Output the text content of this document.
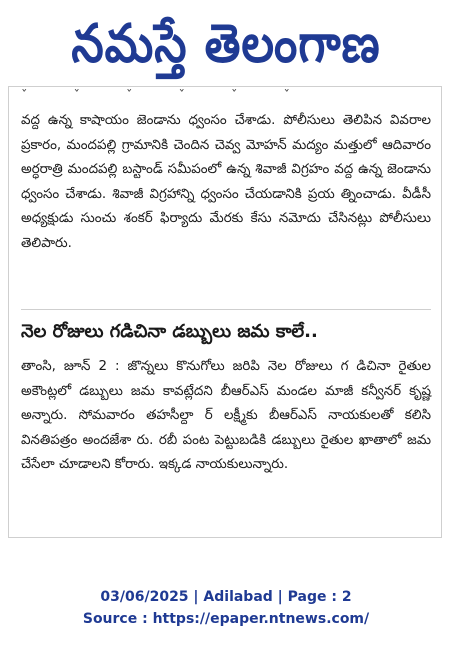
నమస్తే తెలంగాణ
ˇ	ˇ	ˇ	ˇ	ˇ	ˇ

వద్ద ఉన్న కాషాయం జెండాను ధ్వంసం చేశాడు. పోలీసులు తెలిపిన వివరాల ప్రకారం, మందపల్లి గ్రామానికి చెందిన చెవ్వ మోహన్ మద్యం మత్తులో ఆదివారం అర్ధరాత్రి మందపల్లి బస్టాండ్ సమీపంలో ఉన్న శివాజీ విగ్రహం వద్ద ఉన్న జెండాను ధ్వంసం చేశాడు. శివాజీ విగ్రహాన్ని ధ్వంసం చేయడానికి ప్రయ త్నించాడు. వీడీసీ అధ్యక్షుడు సుంచు శంకర్ ఫిర్యాదు మేరకు కేసు నమోదు చేసినట్లు పోలీసులు తెలిపారు.

నెల రోజులు గడిచినా డబ్బులు జమ కాలే..

తాంసి, జూన్ 2 : జొన్నలు కొనుగోలు జరిపి నెల రోజులు గ డిచినా రైతుల అకౌంట్లలో డబ్బులు జమ కావట్లేదని బీఆర్ఎస్ మండల మాజీ కన్వీనర్ కృష్ణ అన్నారు. సోమవారం తహసీల్దా ర్ లక్ష్మీకు బీఆర్ఎస్ నాయకులతో కలిసి వినతిపత్రం అందజేశా రు. రబీ పంట పెట్టుబడికి డబ్బులు రైతుల ఖాతాలో జమ చేసేలా చూడాలని కోరారు. ఇక్కడ నాయకులున్నారు.

03/06/2025 | Adilabad | Page : 2
Source : https://epaper.ntnews.com/
